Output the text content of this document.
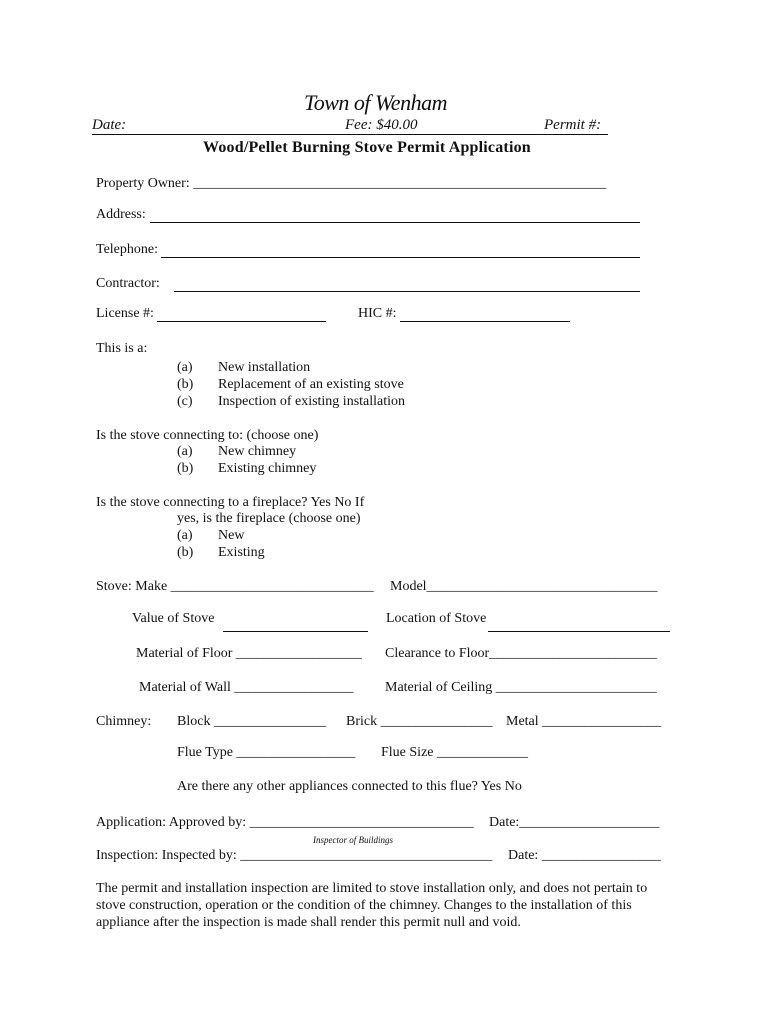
Town of Wenham
Date:	Fee: $40.00	Permit #:
Wood/Pellet Burning Stove Permit Application
Property Owner: ___________________________________________________________
Address:
Telephone:
Contractor:
License #:	HIC #:
This is a:
(a) New installation
(b) Replacement of an existing stove
(c) Inspection of existing installation
Is the stove connecting to: (choose one)
(a) New chimney
(b) Existing chimney
Is the stove connecting to a fireplace? Yes No If
yes, is the fireplace (choose one)
(a) New
(b) Existing
Stove: Make _____________________________ Model_________________________________
Value of Stove	Location of Stove
Material of Floor __________________ Clearance to Floor________________________
Material of Wall _________________ Material of Ceiling _______________________
Chimney: Block ________________ Brick ________________ Metal _________________
Flue Type _________________ Flue Size _____________
Are there any other appliances connected to this flue? Yes No
Application: Approved by: ________________________________ Date:____________________
Inspector of Buildings
Inspection: Inspected by: ____________________________________ Date: _________________
The permit and installation inspection are limited to stove installation only, and does not pertain to stove construction, operation or the condition of the chimney. Changes to the installation of this appliance after the inspection is made shall render this permit null and void.
